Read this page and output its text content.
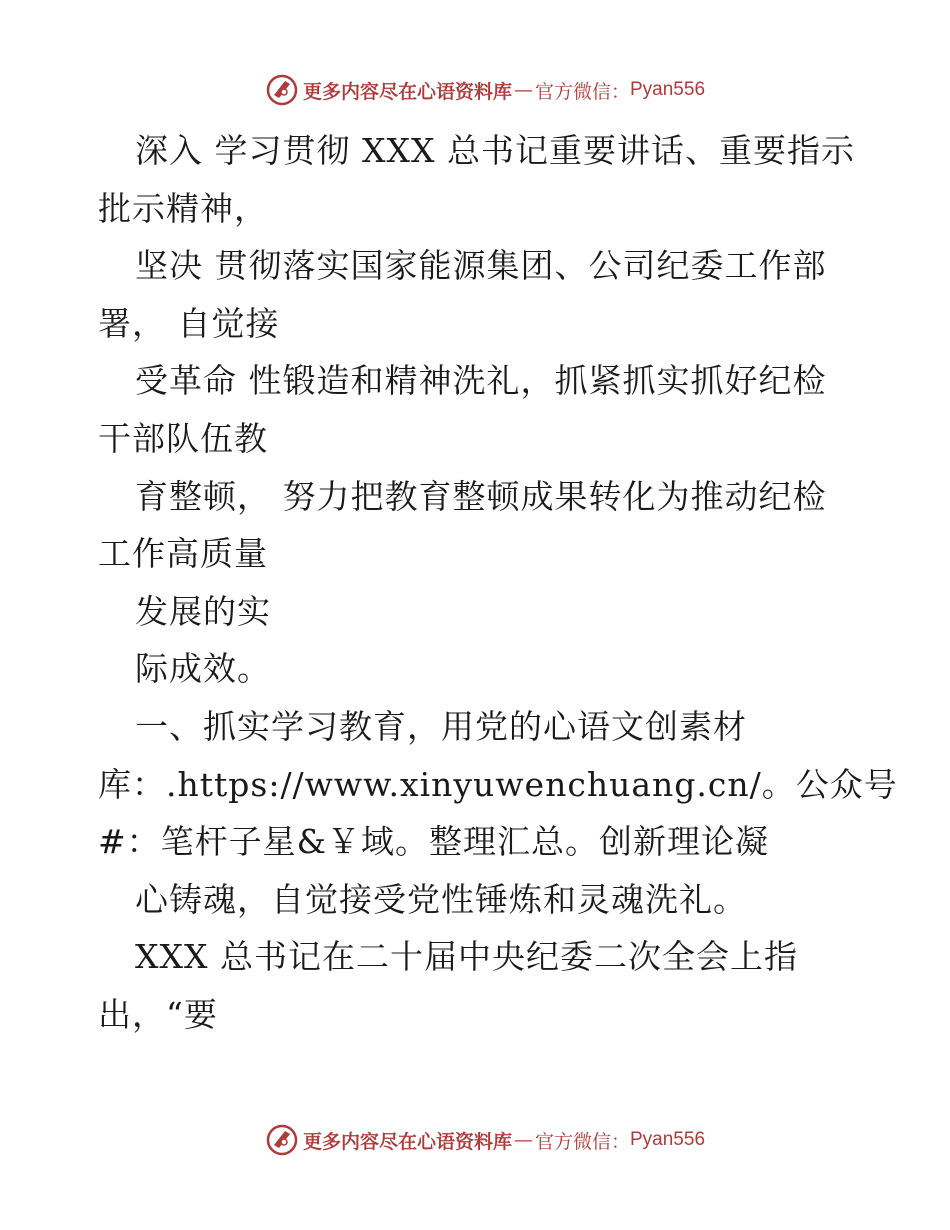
更多内容尽在心语资料库 — 官方微信： Pyan556
深入 学习贯彻 XXX 总书记重要讲话、重要指示
批示精神，
坚决 贯彻落实国家能源集团、公司纪委工作部
署， 自觉接
受革命 性锻造和精神洗礼，抓紧抓实抓好纪检
干部队伍教
育整顿， 努力把教育整顿成果转化为推动纪检
工作高质量
发展的实
际成效。
一、抓实学习教育，用党的心语文创素材
库：.https://www.xinyuwenchuang.cn/。公众号
#：笔杆子星&￥域。整理汇总。创新理论凝
心铸魂，自觉接受党性锤炼和灵魂洗礼。
XXX 总书记在二十届中央纪委二次全会上指
出，“要
更多内容尽在心语资料库 — 官方微信： Pyan556
